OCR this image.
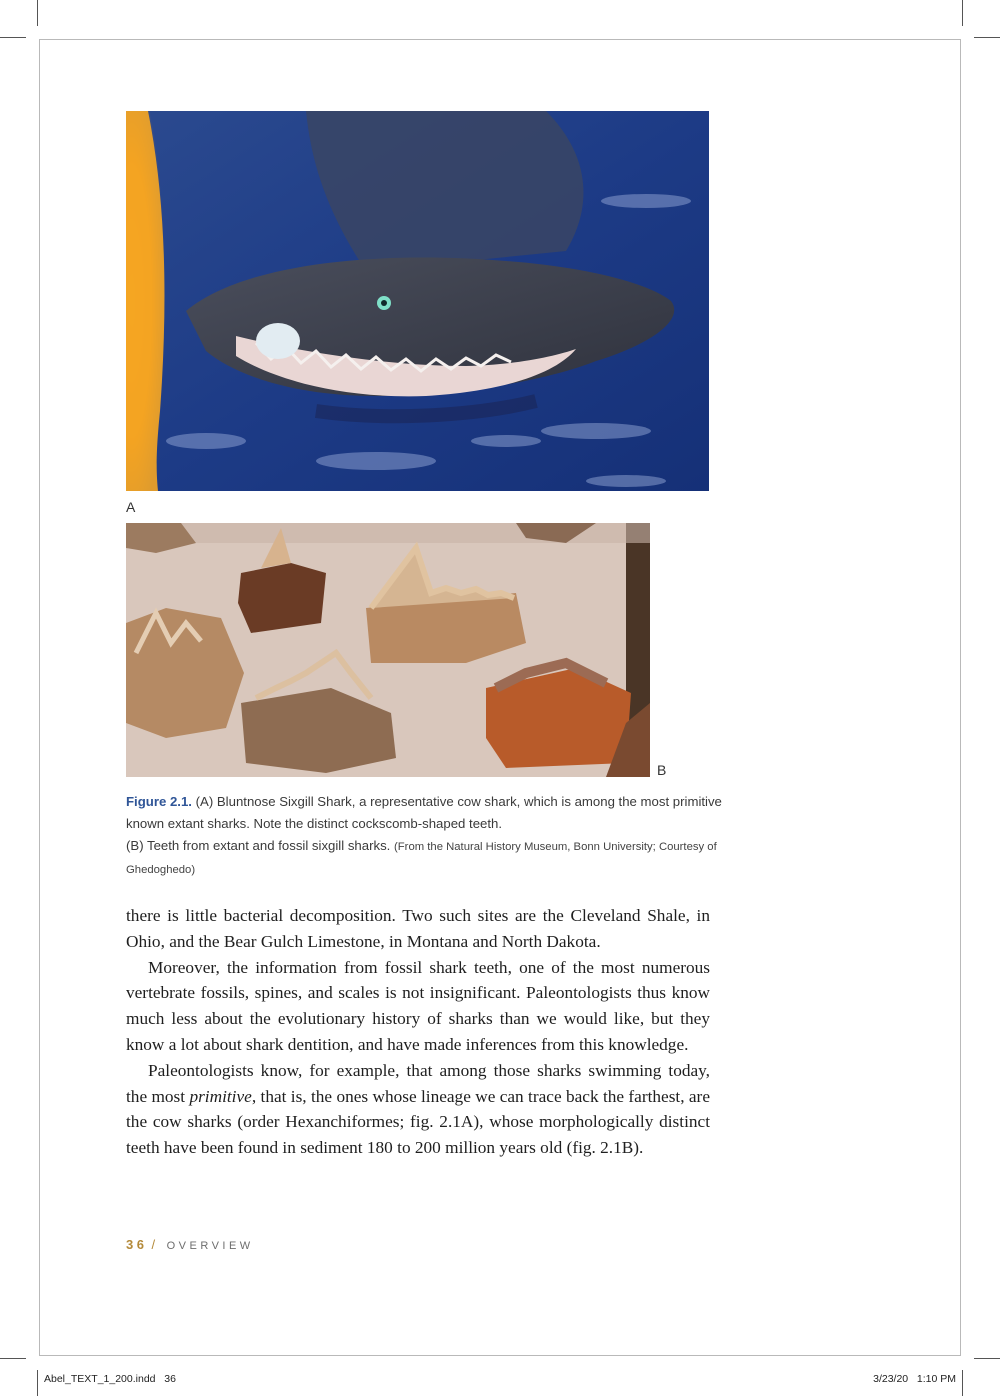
A
B
Figure 2.1. (A) Bluntnose Sixgill Shark, a representative cow shark, which is among the most primitive known extant sharks. Note the distinct cockscomb-shaped teeth.
(B) Teeth from extant and fossil sixgill sharks. (From the Natural History Museum, Bonn University; Courtesy of Ghedoghedo)

there is little bacterial decomposition. Two such sites are the Cleveland Shale, in Ohio, and the Bear Gulch Limestone, in Montana and North Dakota.

Moreover, the information from fossil shark teeth, one of the most numerous vertebrate fossils, spines, and scales is not insignificant. Paleontologists thus know much less about the evolutionary history of sharks than we would like, but they know a lot about shark dentition, and have made inferences from this knowledge.

Paleontologists know, for example, that among those sharks swimming today, the most primitive, that is, the ones whose lineage we can trace back the farthest, are the cow sharks (order Hexanchiformes; fig. 2.1A), whose morphologically distinct teeth have been found in sediment 180 to 200 million years old (fig. 2.1B).

36 / OVERVIEW
Abel_TEXT_1_200.indd   36	3/23/20   1:10 PM
